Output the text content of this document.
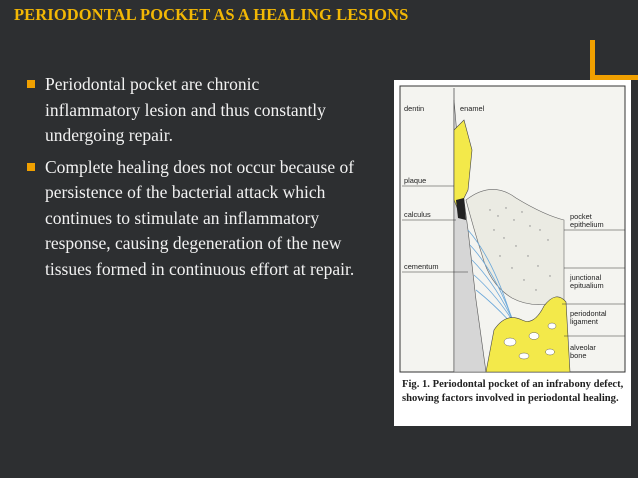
PERIODONTAL POCKET AS A HEALING LESIONS
Periodontal pocket are chronic inflammatory lesion and thus constantly undergoing repair.
Complete healing does not occur because of persistence of the bacterial attack which continues to stimulate an inflammatory response, causing degeneration of the new tissues formed in continuous effort at repair.
dentin	enamel
plaque
calculus
cementum
pocket
epithelium
junctional
epitualium
periodontal
ligament
alveolar
bone
Fig. 1. Periodontal pocket of an infrabony defect, showing factors involved in periodontal healing.
